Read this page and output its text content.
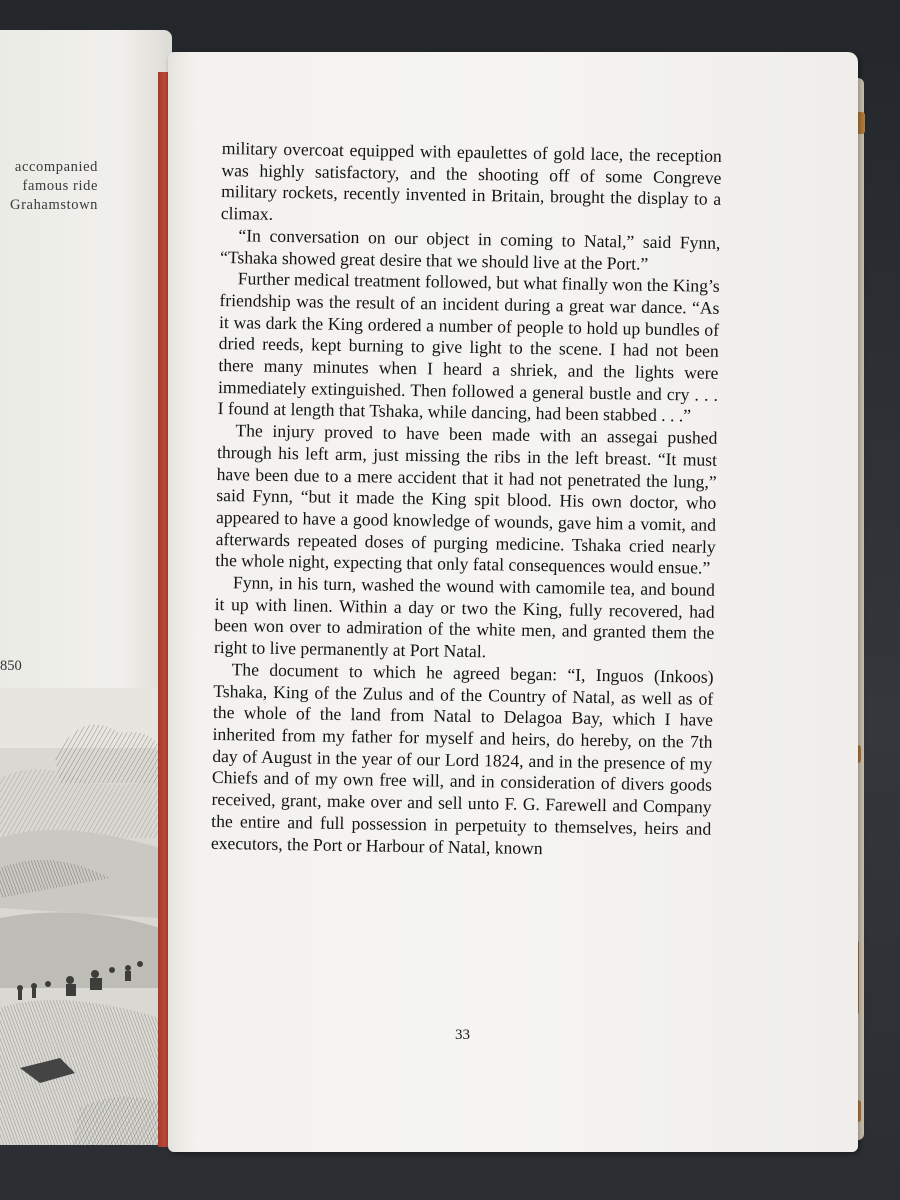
accompanied
famous ride
Grahamstown
850

military overcoat equipped with epaulettes of gold lace, the reception was highly satisfactory, and the shooting off of some Congreve military rockets, recently invented in Britain, brought the display to a climax.

“In conversation on our object in coming to Natal,” said Fynn, “Tshaka showed great desire that we should live at the Port.”

Further medical treatment followed, but what finally won the King’s friendship was the result of an incident during a great war dance. “As it was dark the King ordered a number of people to hold up bundles of dried reeds, kept burning to give light to the scene. I had not been there many minutes when I heard a shriek, and the lights were immediately extinguished. Then followed a general bustle and cry . . . I found at length that Tshaka, while dancing, had been stabbed . . .”

The injury proved to have been made with an assegai pushed through his left arm, just missing the ribs in the left breast. “It must have been due to a mere accident that it had not penetrated the lung,” said Fynn, “but it made the King spit blood. His own doctor, who appeared to have a good knowledge of wounds, gave him a vomit, and afterwards repeated doses of purging medicine. Tshaka cried nearly the whole night, expecting that only fatal consequences would ensue.”

Fynn, in his turn, washed the wound with camomile tea, and bound it up with linen. Within a day or two the King, fully recovered, had been won over to admiration of the white men, and granted them the right to live permanently at Port Natal.

The document to which he agreed began: “I, Inguos (Inkoos) Tshaka, King of the Zulus and of the Country of Natal, as well as of the whole of the land from Natal to Delagoa Bay, which I have inherited from my father for myself and heirs, do hereby, on the 7th day of August in the year of our Lord 1824, and in the presence of my Chiefs and of my own free will, and in consideration of divers goods received, grant, make over and sell unto F. G. Farewell and Company the entire and full possession in perpetuity to themselves, heirs and executors, the Port or Harbour of Natal, known

33
